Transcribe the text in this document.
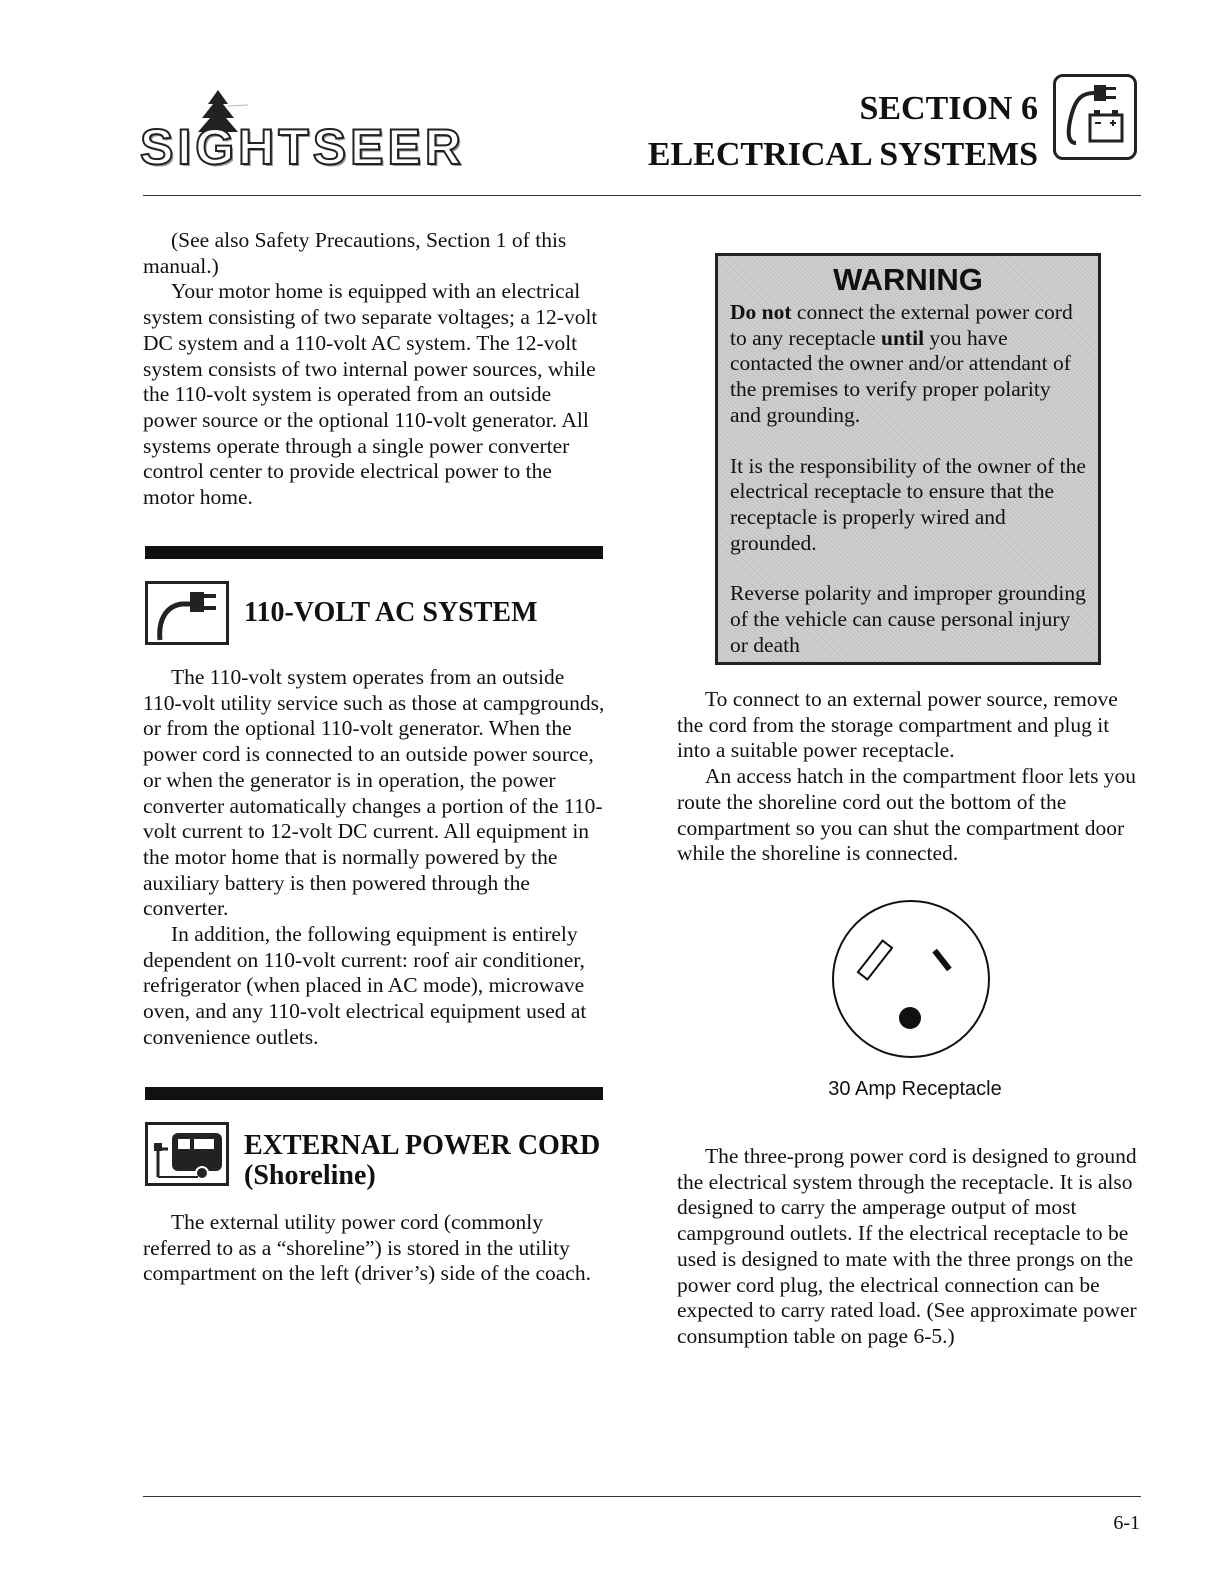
SIGHTSEER
SECTION 6
ELECTRICAL SYSTEMS

(See also Safety Precautions, Section 1 of this manual.)

Your motor home is equipped with an electrical system consisting of two separate voltages; a 12-volt DC system and a 110-volt AC system. The 12-volt system consists of two internal power sources, while the 110-volt system is operated from an outside power source or the optional 110-volt generator. All systems operate through a single power converter control center to provide electrical power to the motor home.

110-VOLT AC SYSTEM

The 110-volt system operates from an outside 110-volt utility service such as those at campgrounds, or from the optional 110-volt generator. When the power cord is connected to an outside power source, or when the generator is in operation, the power converter automatically changes a portion of the 110-volt current to 12-volt DC current. All equipment in the motor home that is normally powered by the auxiliary battery is then powered through the converter.

In addition, the following equipment is entirely dependent on 110-volt current: roof air conditioner, refrigerator (when placed in AC mode), microwave oven, and any 110-volt electrical equipment used at convenience outlets.

EXTERNAL POWER CORD
(Shoreline)

The external utility power cord (commonly referred to as a “shoreline”) is stored in the utility compartment on the left (driver’s) side of the coach.

WARNING

Do not connect the external power cord to any receptacle until you have contacted the owner and/or attendant of the premises to verify proper polarity and grounding.

It is the responsibility of the owner of the electrical receptacle to ensure that the receptacle is properly wired and grounded.

Reverse polarity and improper grounding of the vehicle can cause personal injury or death

To connect to an external power source, remove the cord from the storage compartment and plug it into a suitable power receptacle.

An access hatch in the compartment floor lets you route the shoreline cord out the bottom of the compartment so you can shut the compartment door while the shoreline is connected.

30 Amp Receptacle

The three-prong power cord is designed to ground the electrical system through the receptacle. It is also designed to carry the amperage output of most campground outlets. If the electrical receptacle to be used is designed to mate with the three prongs on the power cord plug, the electrical connection can be expected to carry rated load. (See approximate power consumption table on page 6-5.)

6-1
